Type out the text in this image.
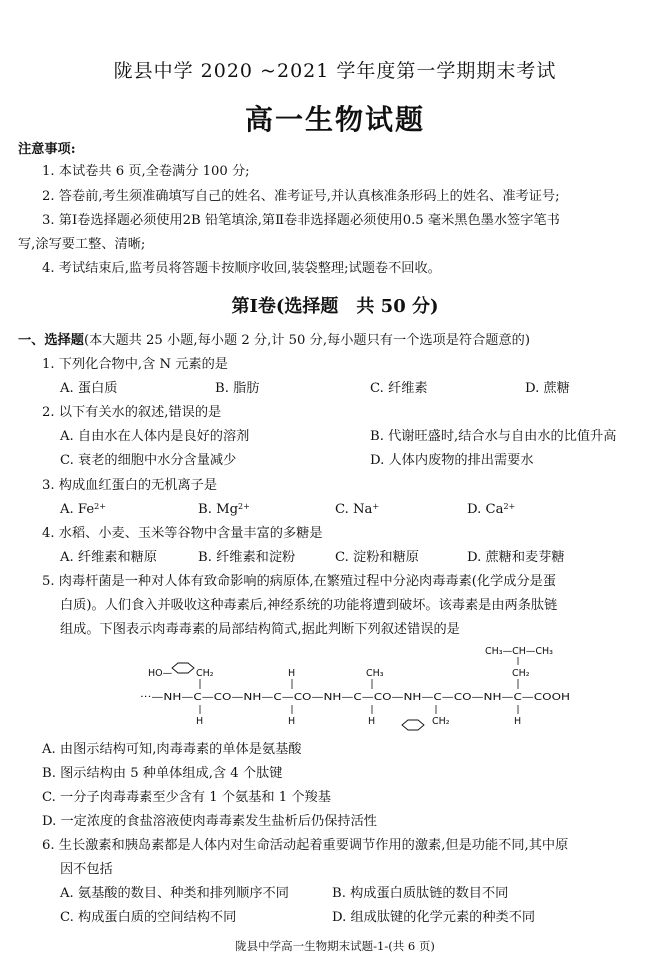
陇县中学 2020 ~2021 学年度第一学期期末考试
高一生物试题
注意事项:
1. 本试卷共 6 页,全卷满分 100 分;
2. 答卷前,考生须准确填写自己的姓名、准考证号,并认真核准条形码上的姓名、准考证号;
3. 第Ⅰ卷选择题必须使用2B 铅笔填涂,第Ⅱ卷非选择题必须使用0.5 毫米黑色墨水签字笔书
写,涂写要工整、清晰;
4. 考试结束后,监考员将答题卡按顺序收回,装袋整理;试题卷不回收。
第Ⅰ卷(选择题　共 50 分)
一、选择题(本大题共 25 小题,每小题 2 分,计 50 分,每小题只有一个选项是符合题意的)
1. 下列化合物中,含 N 元素的是
A. 蛋白质	B. 脂肪	C. 纤维素	D. 蔗糖
2. 以下有关水的叙述,错误的是
A. 自由水在人体内是良好的溶剂	B. 代谢旺盛时,结合水与自由水的比值升高
C. 衰老的细胞中水分含量减少	D. 人体内废物的排出需要水
3. 构成血红蛋白的无机离子是
A. $Fe^{2+}$	B. $Mg^{2+}$	C. Na+	D. $Ca^{2+}$
4. 水稻、小麦、玉米等谷物中含量丰富的多糖是
A. 纤维素和糖原	B. 纤维素和淀粉	C. 淀粉和糖原	D. 蔗糖和麦芽糖
5. 肉毒杆菌是一种对人体有致命影响的病原体,在繁殖过程中分泌肉毒毒素(化学成分是蛋
白质)。人们食入并吸收这种毒素后,神经系统的功能将遭到破坏。该毒素是由两条肽链
组成。下图表示肉毒毒素的局部结构简式,据此判断下列叙述错误的是
HO—	CH₂
CH₃—CH—CH₃
CH₂
H	CH₃
···—NH—C—CO—NH—C—CO—NH—C—CO—NH—C—CO—NH—C—COOH
H	H	H	CH₂	H
A. 由图示结构可知,肉毒毒素的单体是氨基酸
B. 图示结构由 5 种单体组成,含 4 个肽键
C. 一分子肉毒毒素至少含有 1 个氨基和 1 个羧基
D. 一定浓度的食盐溶液使肉毒毒素发生盐析后仍保持活性
6. 生长激素和胰岛素都是人体内对生命活动起着重要调节作用的激素,但是功能不同,其中原
因不包括
A. 氨基酸的数目、种类和排列顺序不同	B. 构成蛋白质肽链的数目不同
C. 构成蛋白质的空间结构不同	D. 组成肽键的化学元素的种类不同
陇县中学高一生物期末试题-1-(共 6 页)
